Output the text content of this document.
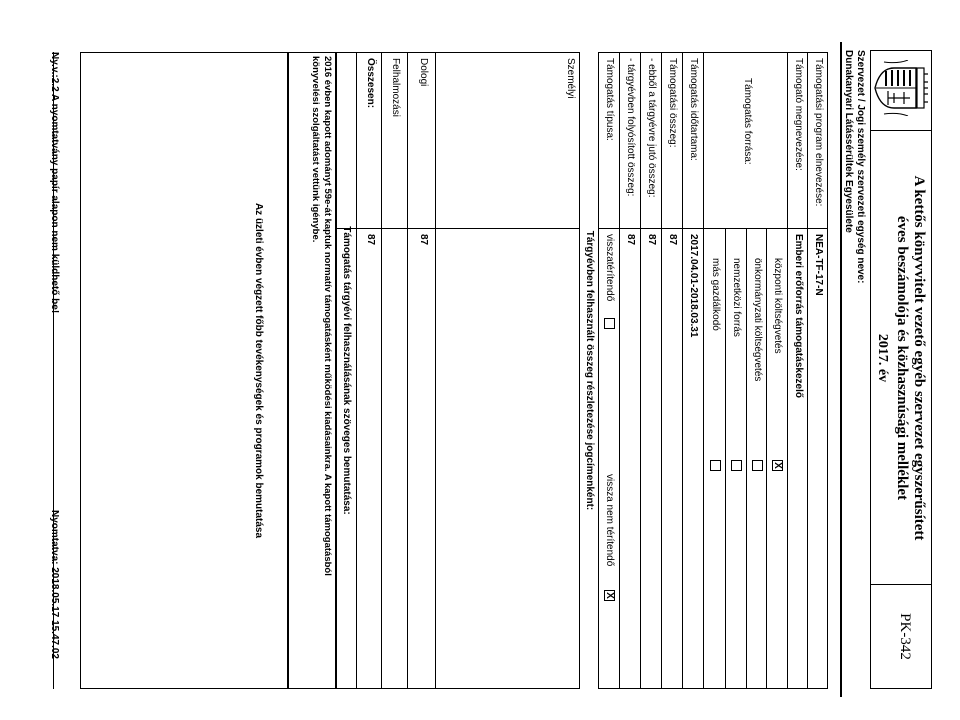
A kettős könyvvitelt vezető egyéb szervezet egyszerűsített
éves beszámolója és közhasznúsági melléklet
2017. év
PK-342
Szervezet / Jogi személy szervezeti egység neve:
Dunakanyari Látássérültek Egyesülete
Támogatási program elnevezése:
NEA-TF-17-N
Támogató megnevezése:
Emberi erőforrás támogatáskezelő
Támogatás forrása:
központi költségvetés
X
önkormányzati költségvetés
nemzetközi forrás
más gazdálkodó
Támogatás időtartama:
2017.04.01-2018.03.31
Támogatási összeg:
87
- ebből a tárgyévre jutó összeg:
87
- tárgyévben folyósított összeg:
87
Támogatás típusa:
visszatérítendő
vissza nem térítendő
X
Tárgyévben felhasznált összeg részletezése jogcímenként:
Személyi
Dologi
87
Felhalmozási
Összesen:
87
Támogatás tárgyévi felhasználásának szöveges bemutatása:
2016 évben kapott adományt 59e-át kaptuk normatív támogatásként működési kiadásainkra. A kapott támogatásból
könyvelési szolgáltatást vettünk igénybe.
Az üzleti évben végzett főbb tevékenységek és programok bemutatása
Ny.v.:2.2 A nyomtatvány papír alapon nem küldhető be!
Nyomtatva: 2018.05.17 15.47.02
